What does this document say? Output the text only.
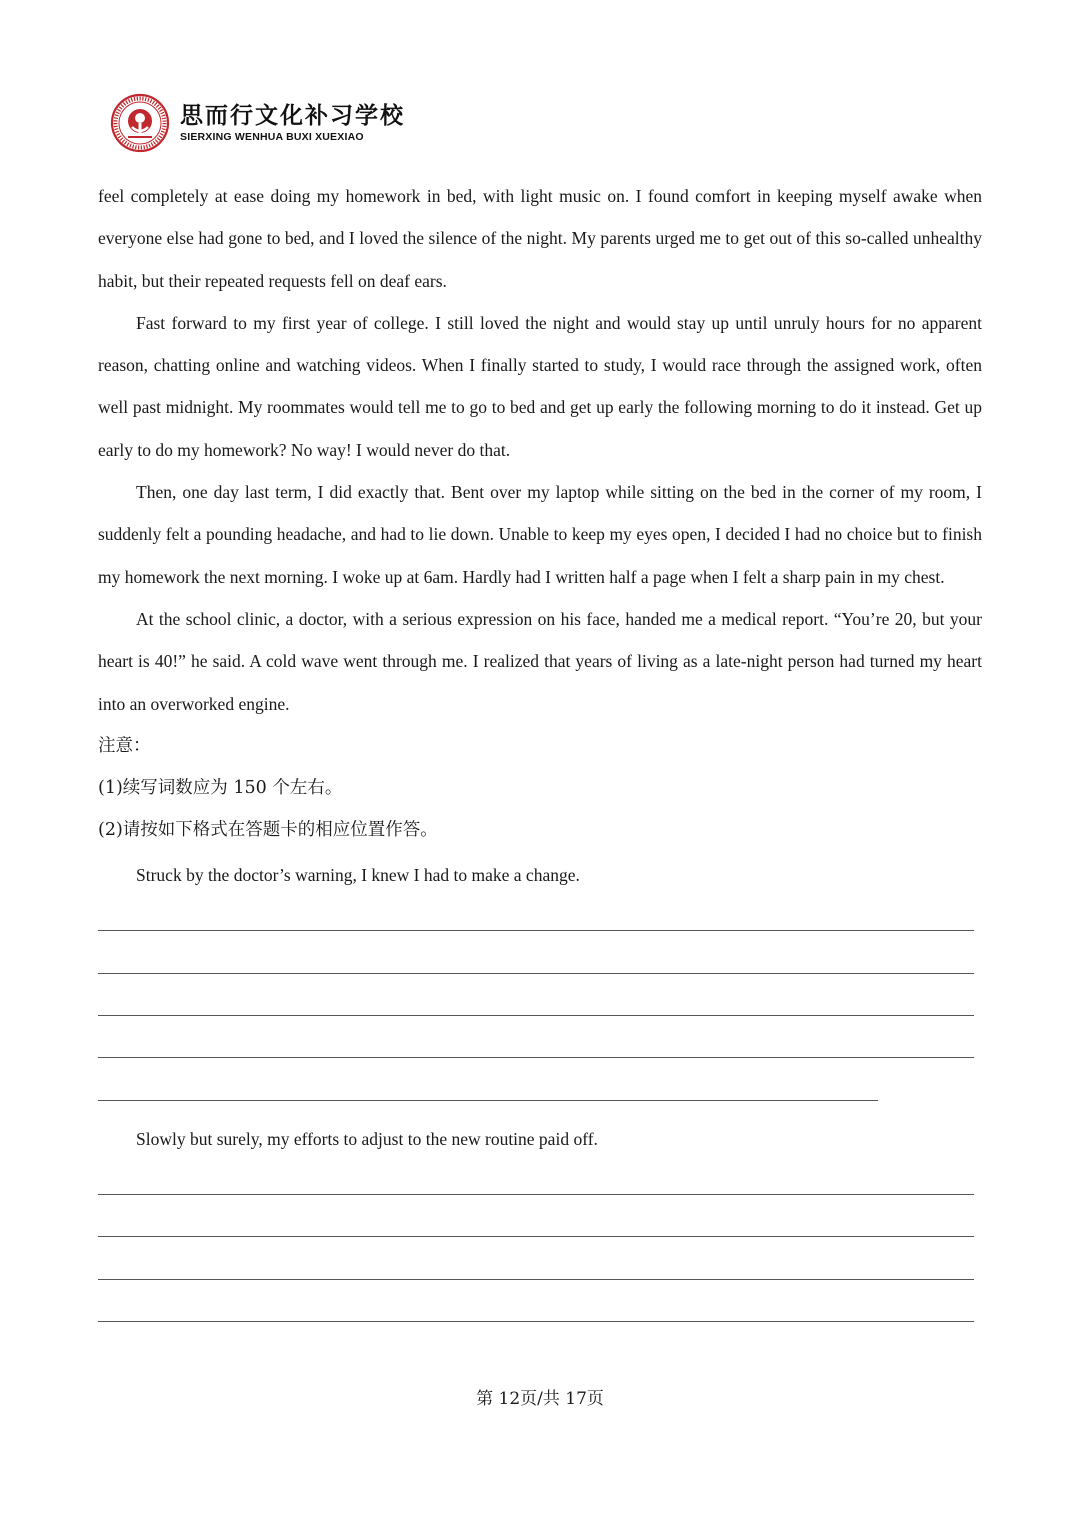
思而行文化补习学校
SIERXING WENHUA BUXI XUEXIAO

feel completely at ease doing my homework in bed, with light music on. I found comfort in keeping myself awake when everyone else had gone to bed, and I loved the silence of the night. My parents urged me to get out of this so-called unhealthy habit, but their repeated requests fell on deaf ears.

Fast forward to my first year of college. I still loved the night and would stay up until unruly hours for no apparent reason, chatting online and watching videos. When I finally started to study, I would race through the assigned work, often well past midnight. My roommates would tell me to go to bed and get up early the following morning to do it instead. Get up early to do my homework? No way! I would never do that.

Then, one day last term, I did exactly that. Bent over my laptop while sitting on the bed in the corner of my room, I suddenly felt a pounding headache, and had to lie down. Unable to keep my eyes open, I decided I had no choice but to finish my homework the next morning. I woke up at 6am. Hardly had I written half a page when I felt a sharp pain in my chest.

At the school clinic, a doctor, with a serious expression on his face, handed me a medical report. “You’re 20, but your heart is 40!” he said. A cold wave went through me. I realized that years of living as a late-night person had turned my heart into an overworked engine.

注意：

(1)续写词数应为 150 个左右。

(2)请按如下格式在答题卡的相应位置作答。

Struck by the doctor’s warning, I knew I had to make a change.

Slowly but surely, my efforts to adjust to the new routine paid off.

第 12页/共 17页
